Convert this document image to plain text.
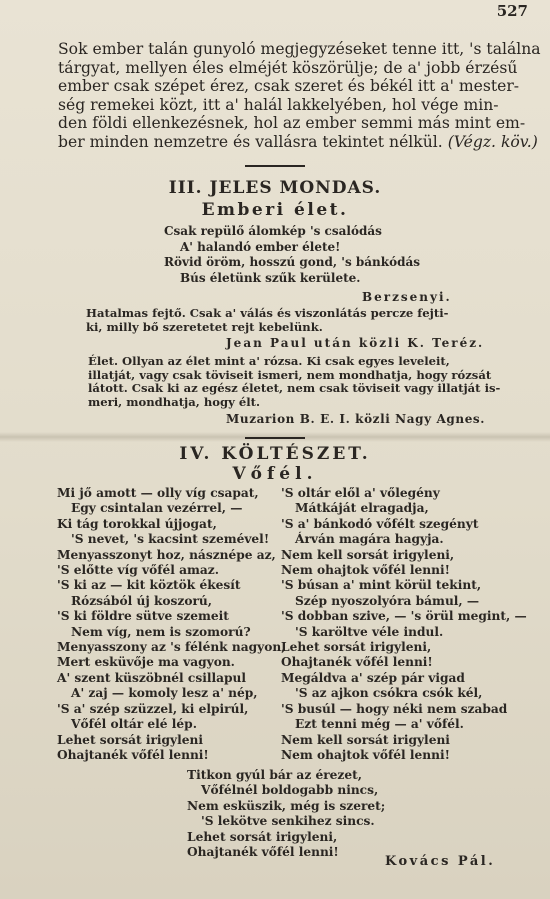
527
Sok ember talán gunyoló megjegyzéseket tenne itt, 's találna
tárgyat, mellyen éles elméjét köszörülje; de a' jobb érzésű
ember csak szépet érez, csak szeret és békél itt a' mester-
ség remekei közt, itt a' halál lakkelyében, hol vége min-
den földi ellenkezésnek, hol az ember semmi más mint em-
ber minden nemzetre és vallásra tekintet nélkül. (Végz. köv.)
III. JELES MONDAS.
Emberi élet.
Csak repülő álomkép 's csalódás
A' halandó ember élete!
Rövid öröm, hosszú gond, 's bánkódás
Bús életünk szűk kerülete.
Berzsenyi.
Hatalmas fejtő. Csak a' válás és viszonlátás percze fejti-
ki, milly bő szeretetet rejt kebelünk.
Jean Paul után közli K. Teréz.
Élet. Ollyan az élet mint a' rózsa. Ki csak egyes leveleit,
illatját, vagy csak töviseit ismeri, nem mondhatja, hogy rózsát
látott. Csak ki az egész életet, nem csak töviseit vagy illatját is-
meri, mondhatja, hogy élt.
Muzarion B. E. I. közli Nagy Agnes.
IV. KÖLTÉSZET.
Vőfél.
Mi jő amott — olly víg csapat,
Egy csintalan vezérrel, —
Ki tág torokkal újjogat,
'S nevet, 's kacsint szemével!
Menyasszonyt hoz, násznépe az,
'S előtte víg vőfél amaz.
'S ki az — kit köztök ékesít
Rózsából új koszorú,
'S ki földre sütve szemeit
Nem víg, nem is szomorú?
Menyasszony az 's félénk nagyon,
Mert esküvője ma vagyon.
A' szent küszöbnél csillapul
A' zaj — komoly lesz a' nép,
'S a' szép szüzzel, ki elpirúl,
Vőfél oltár elé lép.
Lehet sorsát irigyleni
Ohajtanék vőfél lenni!
'S oltár elől a' vőlegény
Mátkáját elragadja,
'S a' bánkodó vőfélt szegényt
Árván magára hagyja.
Nem kell sorsát irigyleni,
Nem ohajtok vőfél lenni!
'S búsan a' mint körül tekint,
Szép nyoszolyóra bámul, —
'S dobban szive, — 's örül megint, —
'S karöltve véle indul.
Lehet sorsát irigyleni,
Ohajtanék vőfél lenni!
Megáldva a' szép pár vigad
'S az ajkon csókra csók kél,
'S busúl — hogy néki nem szabad
Ezt tenni még — a' vőfél.
Nem kell sorsát irigyleni
Nem ohajtok vőfél lenni!
Titkon gyúl bár az érezet,
Vőfélnél boldogabb nincs,
Nem esküszik, még is szeret;
'S lekötve senkihez sincs.
Lehet sorsát irigyleni,
Ohajtanék vőfél lenni!
Kovács Pál.
